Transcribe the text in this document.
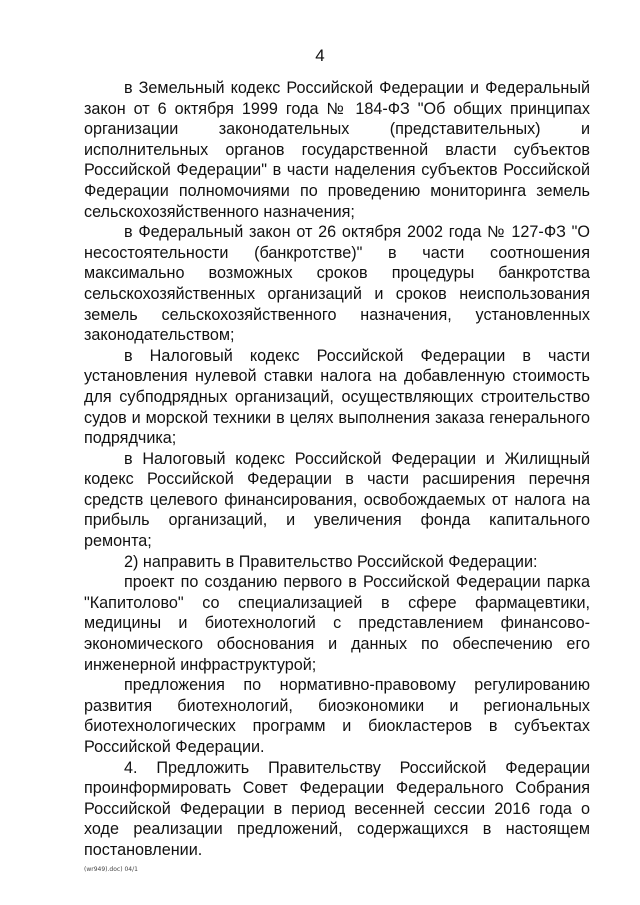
4

в Земельный кодекс Российской Федерации и Федеральный закон от 6 октября 1999 года № 184-ФЗ "Об общих принципах организации законодательных (представительных) и исполнительных органов государственной власти субъектов Российской Федерации" в части наделения субъектов Российской Федерации полномочиями по проведению мониторинга земель сельскохозяйственного назначения;

в Федеральный закон от 26 октября 2002 года № 127-ФЗ "О несостоятельности (банкротстве)" в части соотношения максимально возможных сроков процедуры банкротства сельскохозяйственных организаций и сроков неиспользования земель сельскохозяйственного назначения, установленных законодательством;

в Налоговый кодекс Российской Федерации в части установления нулевой ставки налога на добавленную стоимость для субподрядных организаций, осуществляющих строительство судов и морской техники в целях выполнения заказа генерального подрядчика;

в Налоговый кодекс Российской Федерации и Жилищный кодекс Российской Федерации в части расширения перечня средств целевого финансирования, освобождаемых от налога на прибыль организаций, и увеличения фонда капитального ремонта;

2) направить в Правительство Российской Федерации:

проект по созданию первого в Российской Федерации парка "Капитолово" со специализацией в сфере фармацевтики, медицины и биотехнологий с представлением финансово-экономического обоснования и данных по обеспечению его инженерной инфраструктурой;

предложения по нормативно-правовому регулированию развития биотехнологий, биоэкономики и региональных биотехнологических программ и биокластеров в субъектах Российской Федерации.

4. Предложить Правительству Российской Федерации проинформировать Совет Федерации Федерального Собрания Российской Федерации в период весенней сессии 2016 года о ходе реализации предложений, содержащихся в настоящем постановлении.

(wr949).doc) 04/1
